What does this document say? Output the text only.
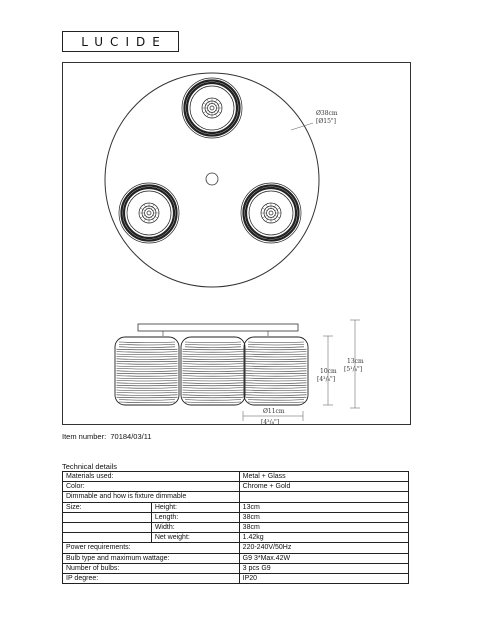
LUCIDE
Ø38cm
[Ø15"]
13cm
[5¹/₈"]
10cm
[4³/₈"]
Ø11cm
[4³/₈"]
Item number: 70184/03/11
Technical details
Materials used:		Metal + Glass
Color:		Chrome + Gold
Dimmable and how is fixture dimmable		
Size:	Height:	13cm
	Length:	38cm
	Width:	38cm
	Net weight:	1.42kg
Power requirements:		220-240V/50Hz
Bulb type and maximum wattage:		G9 3*Max.42W
Number of bulbs:		3 pcs G9
IP degree:		IP20
